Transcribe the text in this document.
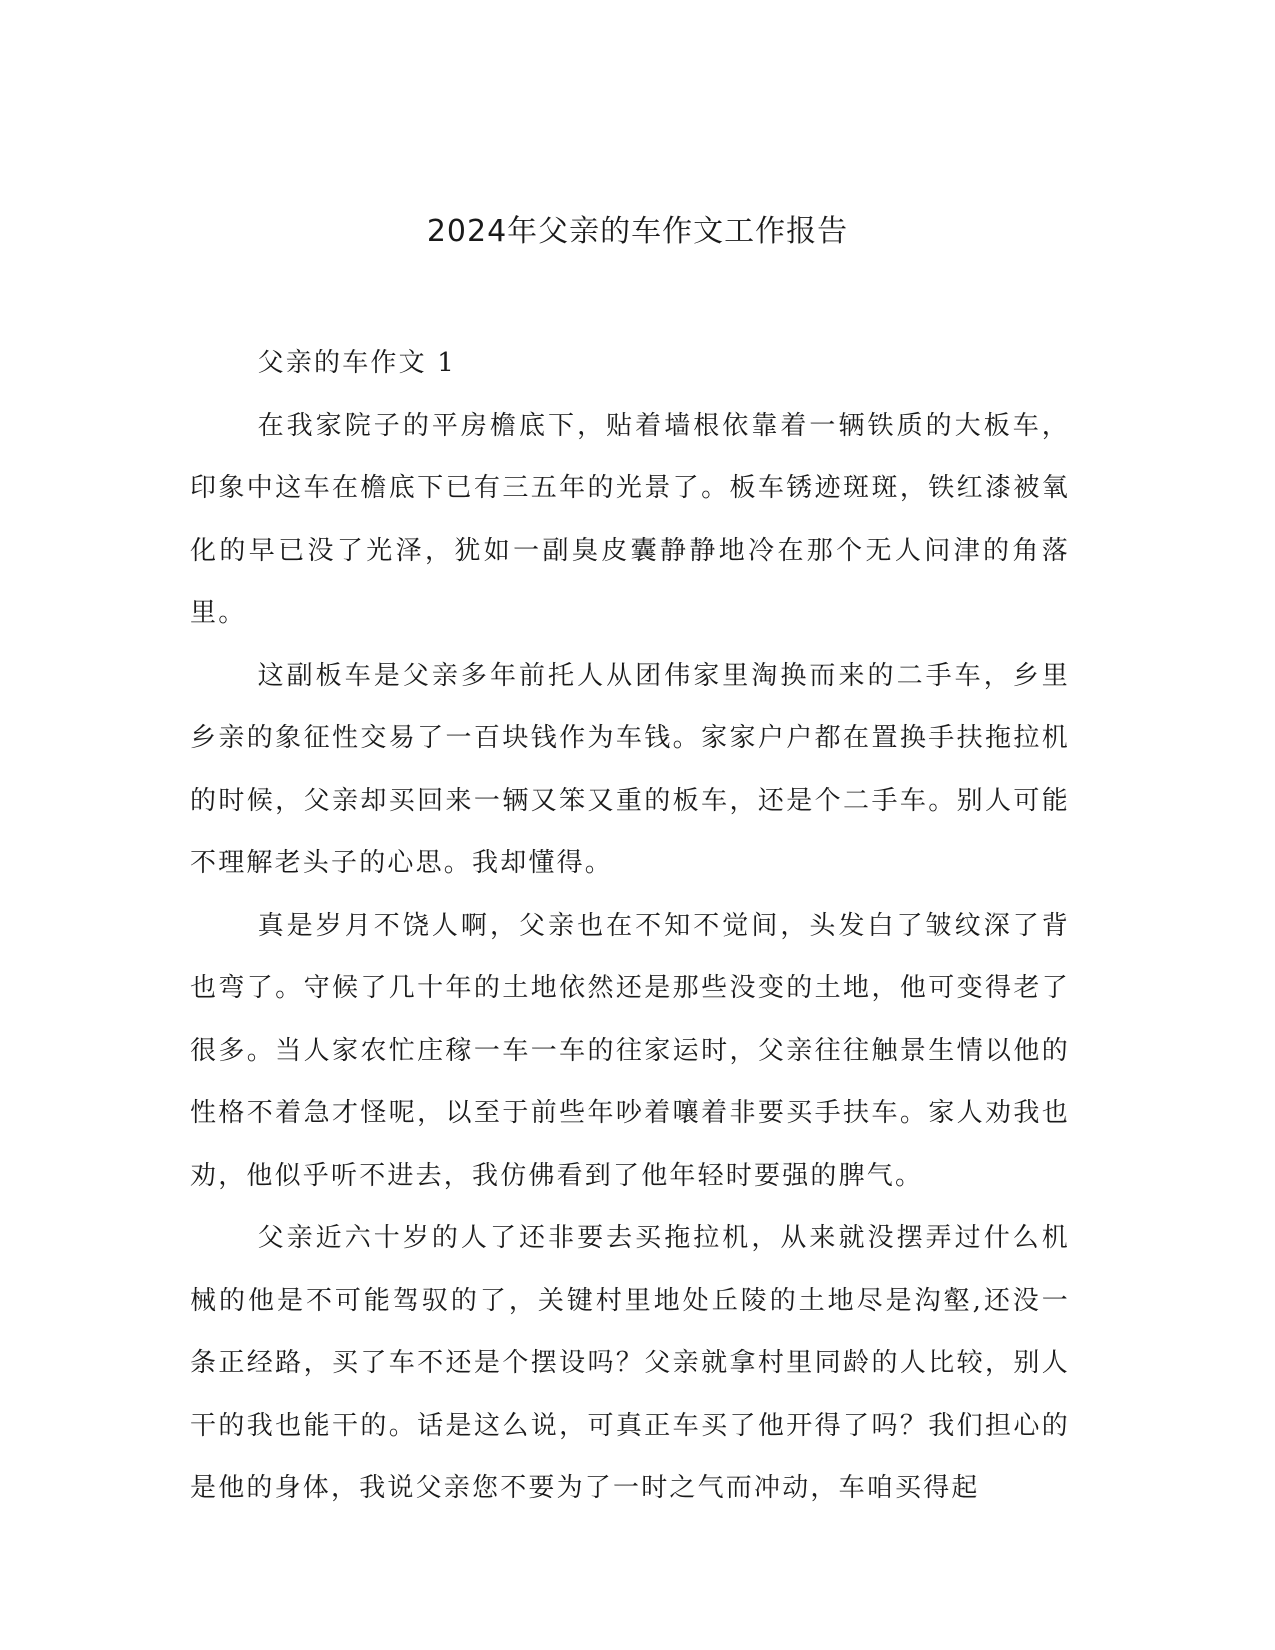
2024年父亲的车作文工作报告

父亲的车作文 1

在我家院子的平房檐底下，贴着墙根依靠着一辆铁质的大板车，印象中这车在檐底下已有三五年的光景了。板车锈迹斑斑，铁红漆被氧化的早已没了光泽，犹如一副臭皮囊静静地冷在那个无人问津的角落里。

这副板车是父亲多年前托人从团伟家里淘换而来的二手车，乡里乡亲的象征性交易了一百块钱作为车钱。家家户户都在置换手扶拖拉机的时候，父亲却买回来一辆又笨又重的板车，还是个二手车。别人可能不理解老头子的心思。我却懂得。

真是岁月不饶人啊，父亲也在不知不觉间，头发白了皱纹深了背也弯了。守候了几十年的土地依然还是那些没变的土地，他可变得老了很多。当人家农忙庄稼一车一车的往家运时，父亲往往触景生情以他的性格不着急才怪呢，以至于前些年吵着嚷着非要买手扶车。家人劝我也劝，他似乎听不进去，我仿佛看到了他年轻时要强的脾气。

父亲近六十岁的人了还非要去买拖拉机，从来就没摆弄过什么机械的他是不可能驾驭的了，关键村里地处丘陵的土地尽是沟壑,还没一条正经路，买了车不还是个摆设吗？父亲就拿村里同龄的人比较，别人干的我也能干的。话是这么说，可真正车买了他开得了吗？我们担心的是他的身体，我说父亲您不要为了一时之气而冲动，车咱买得起
